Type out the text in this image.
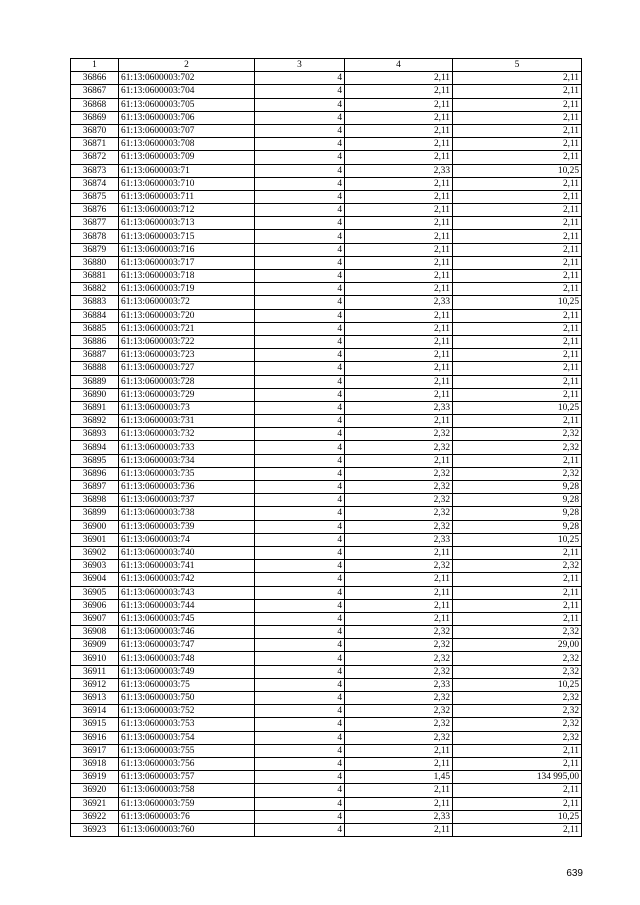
1	2	3	4	5
36866	61:13:0600003:702	4	2,11	2,11
36867	61:13:0600003:704	4	2,11	2,11
36868	61:13:0600003:705	4	2,11	2,11
36869	61:13:0600003:706	4	2,11	2,11
36870	61:13:0600003:707	4	2,11	2,11
36871	61:13:0600003:708	4	2,11	2,11
36872	61:13:0600003:709	4	2,11	2,11
36873	61:13:0600003:71	4	2,33	10,25
36874	61:13:0600003:710	4	2,11	2,11
36875	61:13:0600003:711	4	2,11	2,11
36876	61:13:0600003:712	4	2,11	2,11
36877	61:13:0600003:713	4	2,11	2,11
36878	61:13:0600003:715	4	2,11	2,11
36879	61:13:0600003:716	4	2,11	2,11
36880	61:13:0600003:717	4	2,11	2,11
36881	61:13:0600003:718	4	2,11	2,11
36882	61:13:0600003:719	4	2,11	2,11
36883	61:13:0600003:72	4	2,33	10,25
36884	61:13:0600003:720	4	2,11	2,11
36885	61:13:0600003:721	4	2,11	2,11
36886	61:13:0600003:722	4	2,11	2,11
36887	61:13:0600003:723	4	2,11	2,11
36888	61:13:0600003:727	4	2,11	2,11
36889	61:13:0600003:728	4	2,11	2,11
36890	61:13:0600003:729	4	2,11	2,11
36891	61:13:0600003:73	4	2,33	10,25
36892	61:13:0600003:731	4	2,11	2,11
36893	61:13:0600003:732	4	2,32	2,32
36894	61:13:0600003:733	4	2,32	2,32
36895	61:13:0600003:734	4	2,11	2,11
36896	61:13:0600003:735	4	2,32	2,32
36897	61:13:0600003:736	4	2,32	9,28
36898	61:13:0600003:737	4	2,32	9,28
36899	61:13:0600003:738	4	2,32	9,28
36900	61:13:0600003:739	4	2,32	9,28
36901	61:13:0600003:74	4	2,33	10,25
36902	61:13:0600003:740	4	2,11	2,11
36903	61:13:0600003:741	4	2,32	2,32
36904	61:13:0600003:742	4	2,11	2,11
36905	61:13:0600003:743	4	2,11	2,11
36906	61:13:0600003:744	4	2,11	2,11
36907	61:13:0600003:745	4	2,11	2,11
36908	61:13:0600003:746	4	2,32	2,32
36909	61:13:0600003:747	4	2,32	29,00
36910	61:13:0600003:748	4	2,32	2,32
36911	61:13:0600003:749	4	2,32	2,32
36912	61:13:0600003:75	4	2,33	10,25
36913	61:13:0600003:750	4	2,32	2,32
36914	61:13:0600003:752	4	2,32	2,32
36915	61:13:0600003:753	4	2,32	2,32
36916	61:13:0600003:754	4	2,32	2,32
36917	61:13:0600003:755	4	2,11	2,11
36918	61:13:0600003:756	4	2,11	2,11
36919	61:13:0600003:757	4	1,45	134 995,00
36920	61:13:0600003:758	4	2,11	2,11
36921	61:13:0600003:759	4	2,11	2,11
36922	61:13:0600003:76	4	2,33	10,25
36923	61:13:0600003:760	4	2,11	2,11
639
